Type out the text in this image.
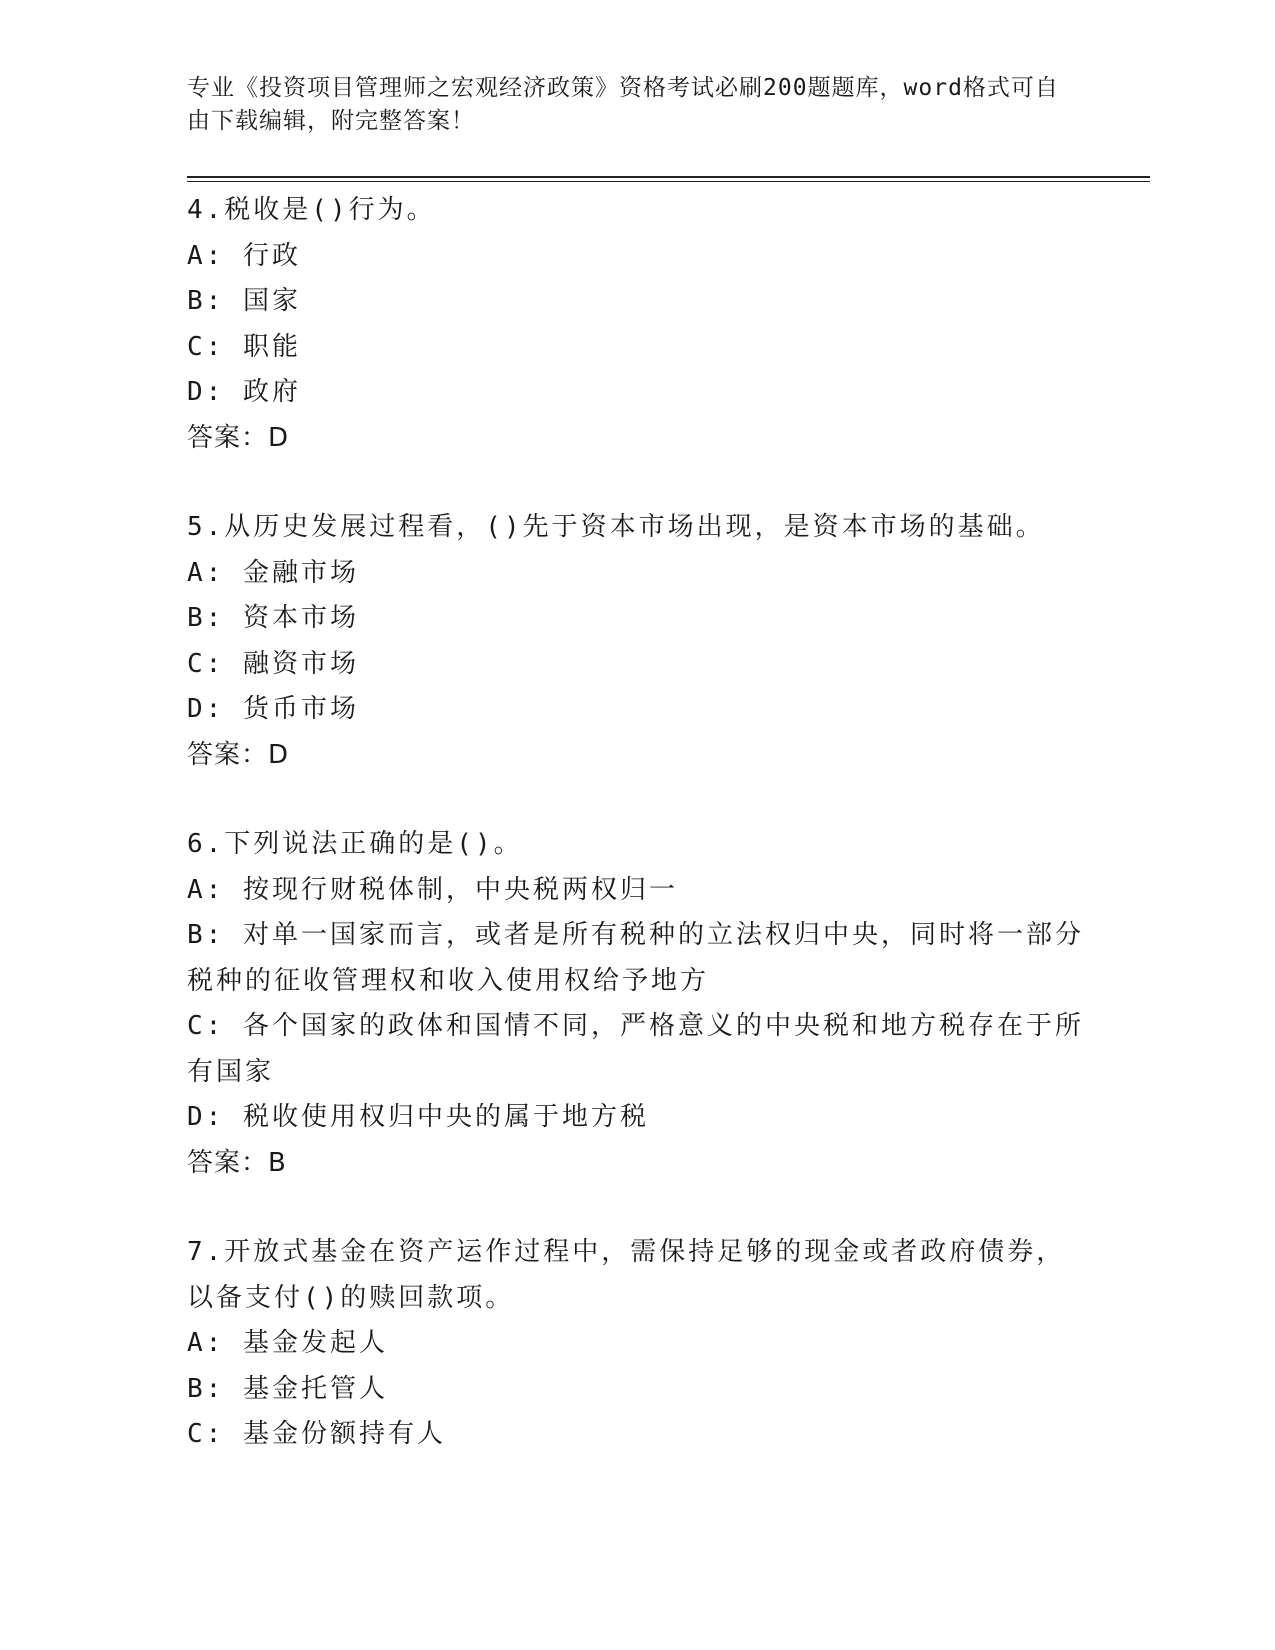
专业《投资项目管理师之宏观经济政策》资格考试必刷200题题库，word格式可自由下载编辑，附完整答案！

4.税收是()行为。

A: 行政

B: 国家

C: 职能

D: 政府

答案：D

5.从历史发展过程看，()先于资本市场出现，是资本市场的基础。

A: 金融市场

B: 资本市场

C: 融资市场

D: 货币市场

答案：D

6.下列说法正确的是()。

A: 按现行财税体制，中央税两权归一

B: 对单一国家而言，或者是所有税种的立法权归中央，同时将一部分税种的征收管理权和收入使用权给予地方

C: 各个国家的政体和国情不同，严格意义的中央税和地方税存在于所有国家

D: 税收使用权归中央的属于地方税

答案：B

7.开放式基金在资产运作过程中，需保持足够的现金或者政府债券，以备支付()的赎回款项。

A: 基金发起人

B: 基金托管人

C: 基金份额持有人
